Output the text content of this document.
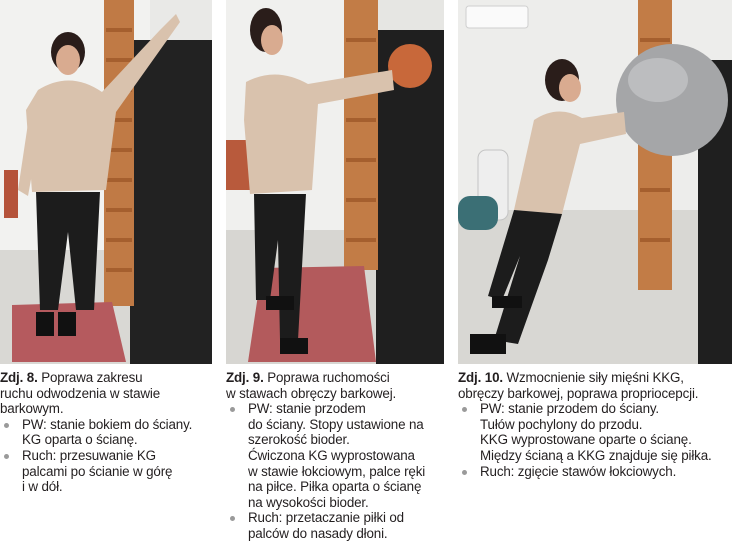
Zdj. 8. Poprawa zakresu
ruchu odwodzenia w stawie
barkowym.

PW: stanie bokiem do ściany.
KG oparta o ścianę.
Ruch: przesuwanie KG
palcami po ścianie w górę
i w dół.

Zdj. 9. Poprawa ruchomości
w stawach obręczy barkowej.

PW: stanie przodem
do ściany. Stopy ustawione na
szerokość bioder.
Ćwiczona KG wyprostowana
w stawie łokciowym, palce ręki
na piłce. Piłka oparta o ścianę
na wysokości bioder.
Ruch: przetaczanie piłki od
palców do nasady dłoni.

Zdj. 10. Wzmocnienie siły mięśni KKG,
obręczy barkowej, poprawa propriocepcji.

PW: stanie przodem do ściany.
Tułów pochylony do przodu.
KKG wyprostowane oparte o ścianę.
Między ścianą a KKG znajduje się piłka.
Ruch: zgięcie stawów łokciowych.
